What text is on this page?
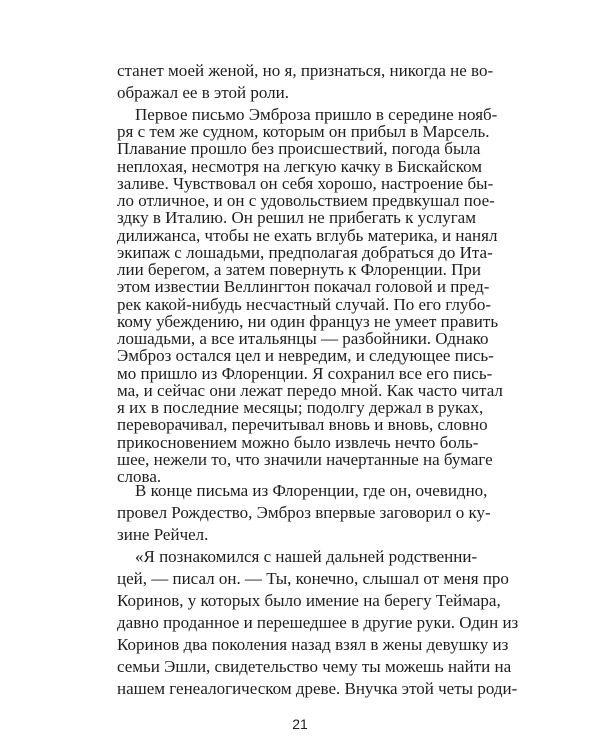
станет моей женой, но я, признаться, никогда не во-
ображал ее в этой роли.
Первое письмо Эмброза пришло в середине нояб-
ря с тем же судном, которым он прибыл в Марсель.
Плавание прошло без происшествий, погода была
неплохая, несмотря на легкую качку в Бискайском
заливе. Чувствовал он себя хорошо, настроение бы-
ло отличное, и он с удовольствием предвкушал пое-
здку в Италию. Он решил не прибегать к услугам
дилижанса, чтобы не ехать вглубь материка, и нанял
экипаж с лошадьми, предполагая добраться до Ита-
лии берегом, а затем повернуть к Флоренции. При
этом известии Веллингтон покачал головой и пред-
рек какой-нибудь несчастный случай. По его глубо-
кому убеждению, ни один француз не умеет править
лошадьми, а все итальянцы — разбойники. Однако
Эмброз остался цел и невредим, и следующее пись-
мо пришло из Флоренции. Я сохранил все его пись-
ма, и сейчас они лежат передо мной. Как часто читал
я их в последние месяцы; подолгу держал в руках,
переворачивал, перечитывал вновь и вновь, словно
прикосновением можно было извлечь нечто боль-
шее, нежели то, что значили начертанные на бумаге
слова.
В конце письма из Флоренции, где он, очевидно,
провел Рождество, Эмброз впервые заговорил о ку-
зине Рейчел.
«Я познакомился с нашей дальней родственни-
цей, — писал он. — Ты, конечно, слышал от меня про
Коринов, у которых было имение на берегу Теймара,
давно проданное и перешедшее в другие руки. Один из
Коринов два поколения назад взял в жены девушку из
семьи Эшли, свидетельство чему ты можешь найти на
нашем генеалогическом древе. Внучка этой четы роди-
21
